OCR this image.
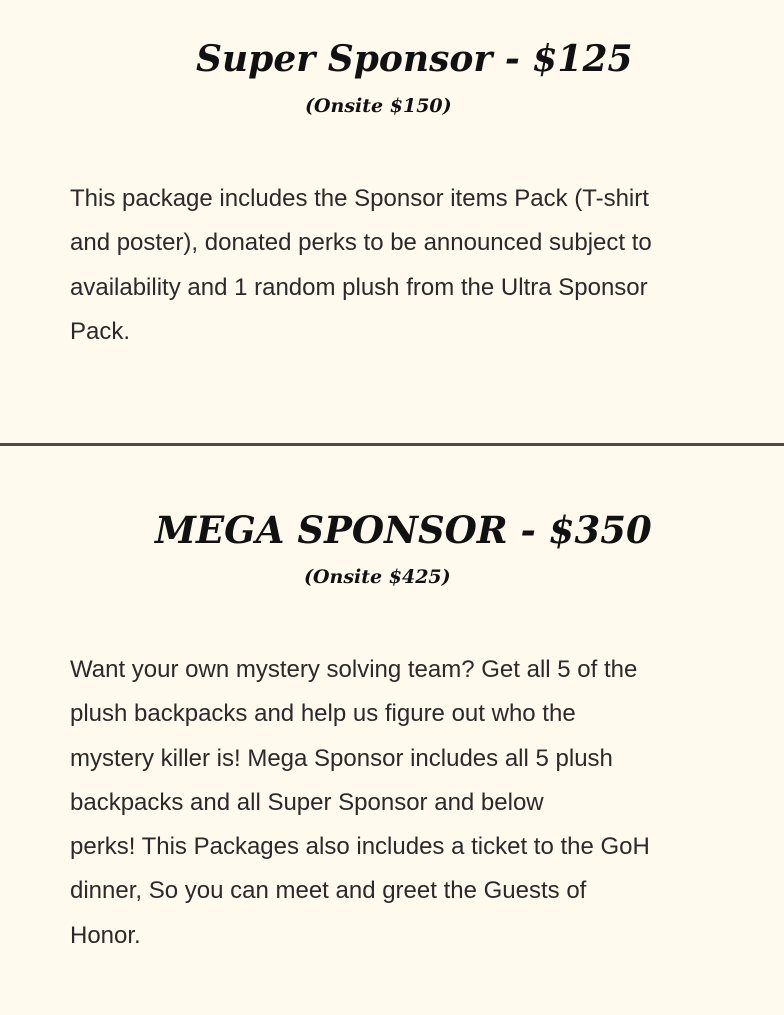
Super Sponsor - $125

(Onsite $150)

This package includes the Sponsor items Pack (T-shirt
and poster), donated perks to be announced subject to
availability and 1 random plush from the Ultra Sponsor
Pack.

MEGA SPONSOR - $350

(Onsite $425)

Want your own mystery solving team? Get all 5 of the
plush backpacks and help us figure out who the
mystery killer is! Mega Sponsor includes all 5 plush
backpacks and all Super Sponsor and below
perks! This Packages also includes a ticket to the GoH
dinner, So you can meet and greet the Guests of
Honor.
